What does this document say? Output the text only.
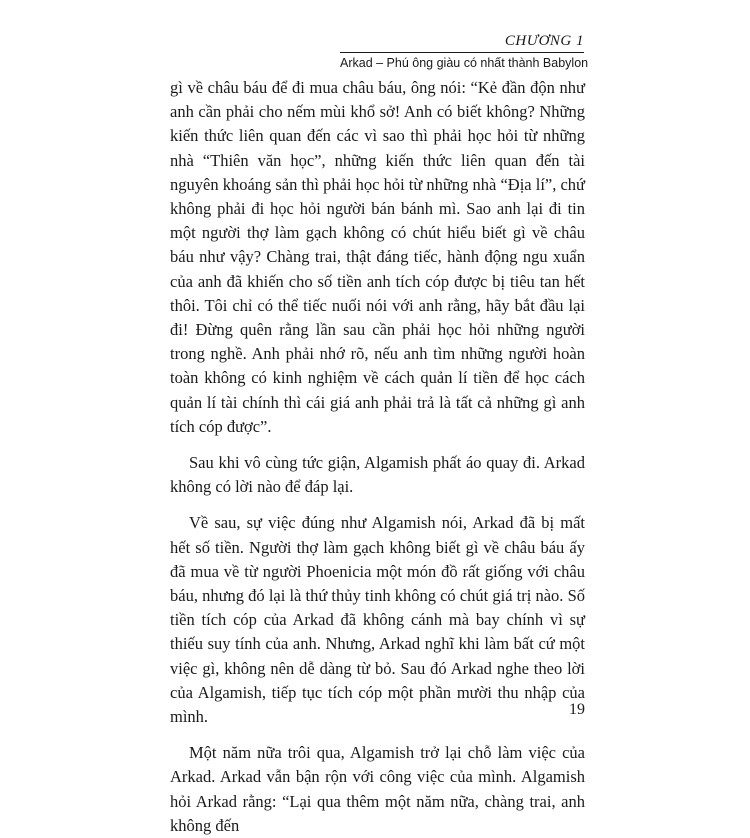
CHƯƠNG 1
Arkad – Phú ông giàu có nhất thành Babylon

gì về châu báu để đi mua châu báu, ông nói: “Kẻ đần độn như anh cần phải cho nếm mùi khổ sở! Anh có biết không? Những kiến thức liên quan đến các vì sao thì phải học hỏi từ những nhà “Thiên văn học”, những kiến thức liên quan đến tài nguyên khoáng sản thì phải học hỏi từ những nhà “Địa lí”, chứ không phải đi học hỏi người bán bánh mì. Sao anh lại đi tin một người thợ làm gạch không có chút hiểu biết gì về châu báu như vậy? Chàng trai, thật đáng tiếc, hành động ngu xuẩn của anh đã khiến cho số tiền anh tích cóp được bị tiêu tan hết thôi. Tôi chỉ có thể tiếc nuối nói với anh rằng, hãy bắt đầu lại đi! Đừng quên rằng lần sau cần phải học hỏi những người trong nghề. Anh phải nhớ rõ, nếu anh tìm những người hoàn toàn không có kinh nghiệm về cách quản lí tiền để học cách quản lí tài chính thì cái giá anh phải trả là tất cả những gì anh tích cóp được”.

Sau khi vô cùng tức giận, Algamish phất áo quay đi. Arkad không có lời nào để đáp lại.

Về sau, sự việc đúng như Algamish nói, Arkad đã bị mất hết số tiền. Người thợ làm gạch không biết gì về châu báu ấy đã mua về từ người Phoenicia một món đồ rất giống với châu báu, nhưng đó lại là thứ thủy tinh không có chút giá trị nào. Số tiền tích cóp của Arkad đã không cánh mà bay chính vì sự thiếu suy tính của anh. Nhưng, Arkad nghĩ khi làm bất cứ một việc gì, không nên dễ dàng từ bỏ. Sau đó Arkad nghe theo lời của Algamish, tiếp tục tích cóp một phần mười thu nhập của mình.

Một năm nữa trôi qua, Algamish trở lại chỗ làm việc của Arkad. Arkad vẫn bận rộn với công việc của mình. Algamish hỏi Arkad rằng: “Lại qua thêm một năm nữa, chàng trai, anh không đến

19
